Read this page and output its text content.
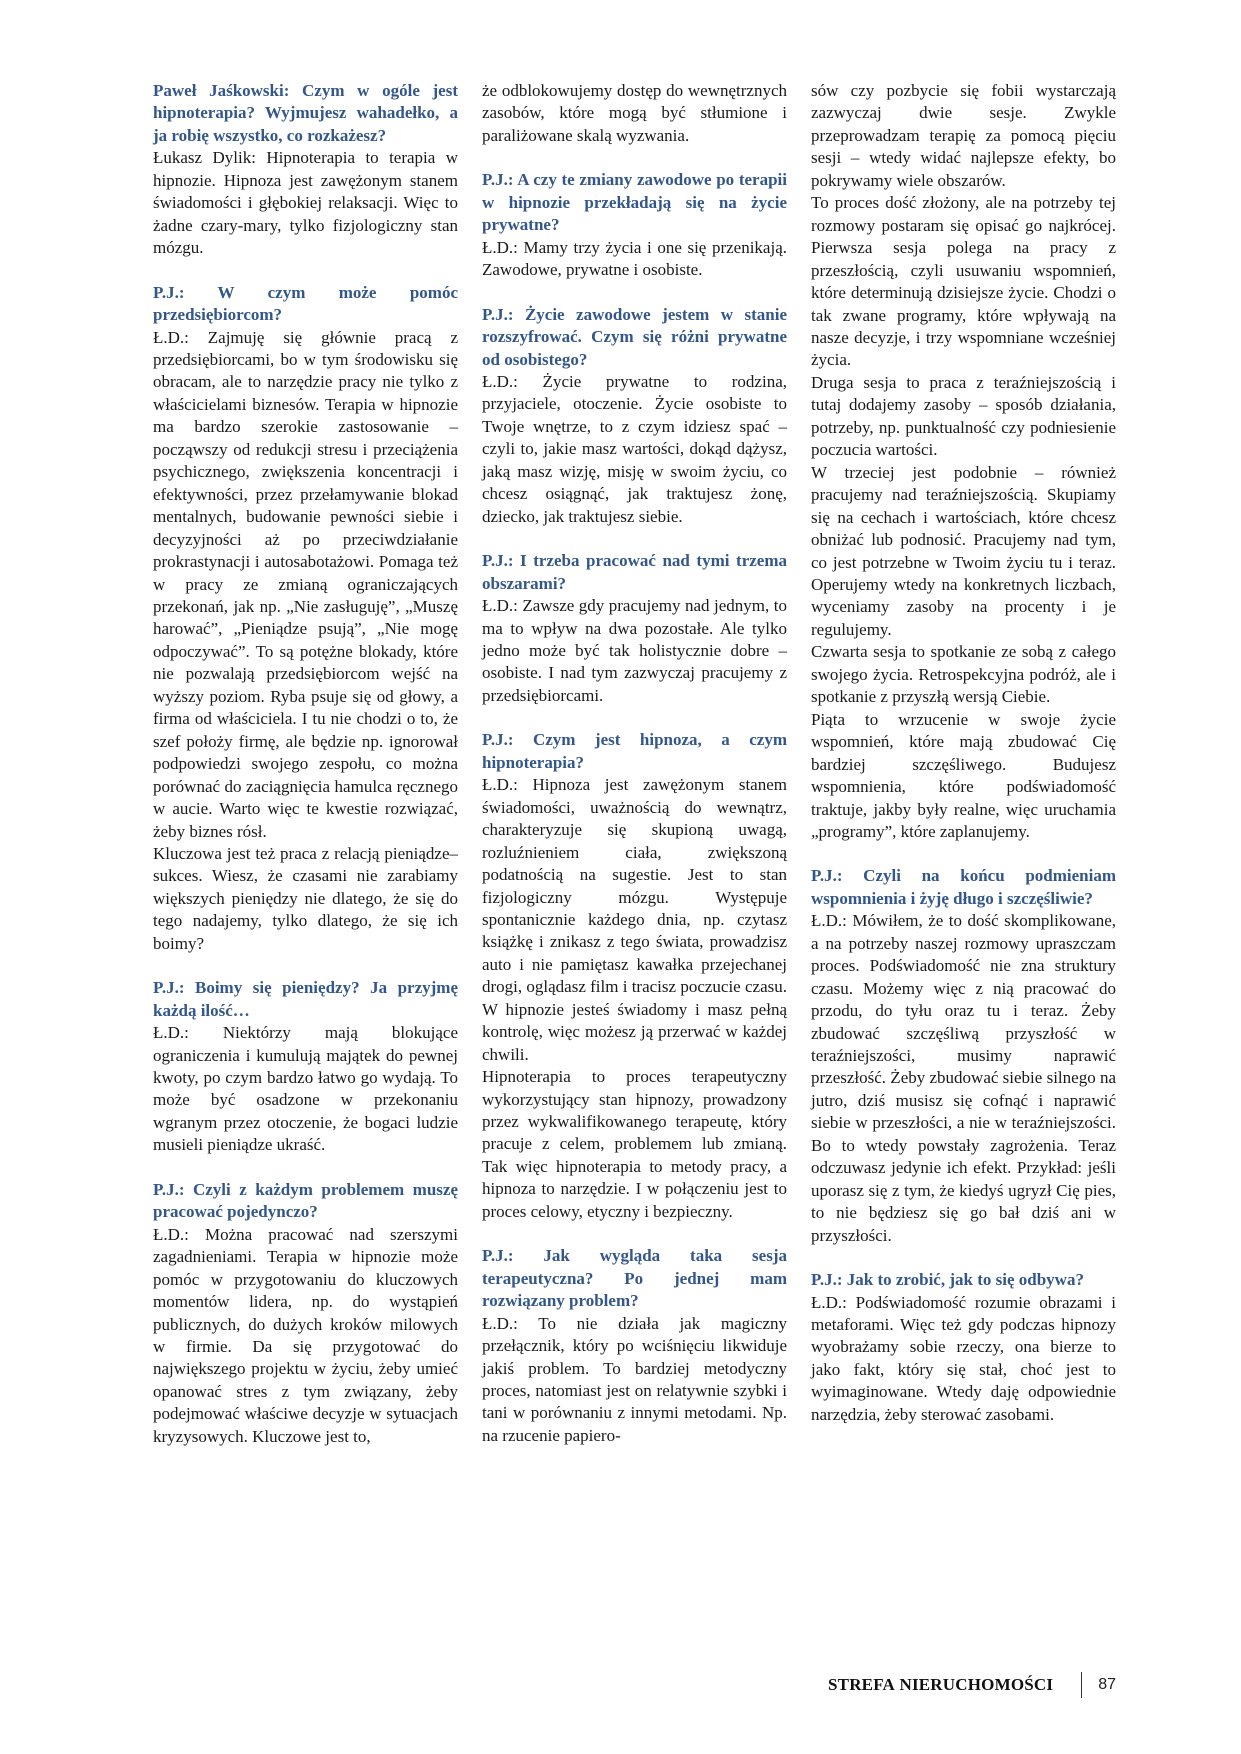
Paweł Jaśkowski: Czym w ogóle jest hipnoterapia? Wyjmujesz wahadełko, a ja robię wszystko, co rozkażesz?

Łukasz Dylik: Hipnoterapia to terapia w hipnozie. Hipnoza jest zawężonym stanem świadomości i głębokiej relaksacji. Więc to żadne czary-mary, tylko fizjologiczny stan mózgu.

P.J.: W czym może pomóc przedsiębiorcom?

Ł.D.: Zajmuję się głównie pracą z przedsiębiorcami, bo w tym środowisku się obracam, ale to narzędzie pracy nie tylko z właścicielami biznesów. Terapia w hipnozie ma bardzo szerokie zastosowanie – począwszy od redukcji stresu i przeciążenia psychicznego, zwiększenia koncentracji i efektywności, przez przełamywanie blokad mentalnych, budowanie pewności siebie i decyzyjności aż po przeciwdziałanie prokrastynacji i autosabotażowi. Pomaga też w pracy ze zmianą ograniczających przekonań, jak np. „Nie zasługuję”, „Muszę harować”, „Pieniądze psują”, „Nie mogę odpoczywać”. To są potężne blokady, które nie pozwalają przedsiębiorcom wejść na wyższy poziom. Ryba psuje się od głowy, a firma od właściciela. I tu nie chodzi o to, że szef położy firmę, ale będzie np. ignorował podpowiedzi swojego zespołu, co można porównać do zaciągnięcia hamulca ręcznego w aucie. Warto więc te kwestie rozwiązać, żeby biznes rósł.

Kluczowa jest też praca z relacją pieniądze–sukces. Wiesz, że czasami nie zarabiamy większych pieniędzy nie dlatego, że się do tego nadajemy, tylko dlatego, że się ich boimy?

P.J.: Boimy się pieniędzy? Ja przyjmę każdą ilość…

Ł.D.: Niektórzy mają blokujące ograniczenia i kumulują majątek do pewnej kwoty, po czym bardzo łatwo go wydają. To może być osadzone w przekonaniu wgranym przez otoczenie, że bogaci ludzie musieli pieniądze ukraść.

P.J.: Czyli z każdym problemem muszę pracować pojedynczo?

Ł.D.: Można pracować nad szerszymi zagadnieniami. Terapia w hipnozie może pomóc w przygotowaniu do kluczowych momentów lidera, np. do wystąpień publicznych, do dużych kroków milowych w firmie. Da się przygotować do największego projektu w życiu, żeby umieć opanować stres z tym związany, żeby podejmować właściwe decyzje w sytuacjach kryzysowych. Kluczowe jest to,

że odblokowujemy dostęp do wewnętrznych zasobów, które mogą być stłumione i paraliżowane skalą wyzwania.

P.J.: A czy te zmiany zawodowe po terapii w hipnozie przekładają się na życie prywatne?

Ł.D.: Mamy trzy życia i one się przenikają. Zawodowe, prywatne i osobiste.

P.J.: Życie zawodowe jestem w stanie rozszyfrować. Czym się różni prywatne od osobistego?

Ł.D.: Życie prywatne to rodzina, przyjaciele, otoczenie. Życie osobiste to Twoje wnętrze, to z czym idziesz spać – czyli to, jakie masz wartości, dokąd dążysz, jaką masz wizję, misję w swoim życiu, co chcesz osiągnąć, jak traktujesz żonę, dziecko, jak traktujesz siebie.

P.J.: I trzeba pracować nad tymi trzema obszarami?

Ł.D.: Zawsze gdy pracujemy nad jednym, to ma to wpływ na dwa pozostałe. Ale tylko jedno może być tak holistycznie dobre – osobiste. I nad tym zazwyczaj pracujemy z przedsiębiorcami.

P.J.: Czym jest hipnoza, a czym hipnoterapia?

Ł.D.: Hipnoza jest zawężonym stanem świadomości, uważnością do wewnątrz, charakteryzuje się skupioną uwagą, rozluźnieniem ciała, zwiększoną podatnością na sugestie. Jest to stan fizjologiczny mózgu. Występuje spontanicznie każdego dnia, np. czytasz książkę i znikasz z tego świata, prowadzisz auto i nie pamiętasz kawałka przejechanej drogi, oglądasz film i tracisz poczucie czasu. W hipnozie jesteś świadomy i masz pełną kontrolę, więc możesz ją przerwać w każdej chwili.

Hipnoterapia to proces terapeutyczny wykorzystujący stan hipnozy, prowadzony przez wykwalifikowanego terapeutę, który pracuje z celem, problemem lub zmianą. Tak więc hipnoterapia to metody pracy, a hipnoza to narzędzie. I w połączeniu jest to proces celowy, etyczny i bezpieczny.

P.J.: Jak wygląda taka sesja terapeutyczna? Po jednej mam rozwiązany problem?

Ł.D.: To nie działa jak magiczny przełącznik, który po wciśnięciu likwiduje jakiś problem. To bardziej metodyczny proces, natomiast jest on relatywnie szybki i tani w porównaniu z innymi metodami. Np. na rzucenie papiero-

sów czy pozbycie się fobii wystarczają zazwyczaj dwie sesje. Zwykle przeprowadzam terapię za pomocą pięciu sesji – wtedy widać najlepsze efekty, bo pokrywamy wiele obszarów.

To proces dość złożony, ale na potrzeby tej rozmowy postaram się opisać go najkrócej. Pierwsza sesja polega na pracy z przeszłością, czyli usuwaniu wspomnień, które determinują dzisiejsze życie. Chodzi o tak zwane programy, które wpływają na nasze decyzje, i trzy wspomniane wcześniej życia.

Druga sesja to praca z teraźniejszością i tutaj dodajemy zasoby – sposób działania, potrzeby, np. punktualność czy podniesienie poczucia wartości.

W trzeciej jest podobnie – również pracujemy nad teraźniejszością. Skupiamy się na cechach i wartościach, które chcesz obniżać lub podnosić. Pracujemy nad tym, co jest potrzebne w Twoim życiu tu i teraz. Operujemy wtedy na konkretnych liczbach, wyceniamy zasoby na procenty i je regulujemy.

Czwarta sesja to spotkanie ze sobą z całego swojego życia. Retrospekcyjna podróż, ale i spotkanie z przyszłą wersją Ciebie.

Piąta to wrzucenie w swoje życie wspomnień, które mają zbudować Cię bardziej szczęśliwego. Budujesz wspomnienia, które podświadomość traktuje, jakby były realne, więc uruchamia „programy”, które zaplanujemy.

P.J.: Czyli na końcu podmieniam wspomnienia i żyję długo i szczęśliwie?

Ł.D.: Mówiłem, że to dość skomplikowane, a na potrzeby naszej rozmowy upraszczam proces. Podświadomość nie zna struktury czasu. Możemy więc z nią pracować do przodu, do tyłu oraz tu i teraz. Żeby zbudować szczęśliwą przyszłość w teraźniejszości, musimy naprawić przeszłość. Żeby zbudować siebie silnego na jutro, dziś musisz się cofnąć i naprawić siebie w przeszłości, a nie w teraźniejszości. Bo to wtedy powstały zagrożenia. Teraz odczuwasz jedynie ich efekt. Przykład: jeśli uporasz się z tym, że kiedyś ugryzł Cię pies, to nie będziesz się go bał dziś ani w przyszłości.

P.J.: Jak to zrobić, jak to się odbywa?

Ł.D.: Podświadomość rozumie obrazami i metaforami. Więc też gdy podczas hipnozy wyobrażamy sobie rzeczy, ona bierze to jako fakt, który się stał, choć jest to wyimaginowane. Wtedy daję odpowiednie narzędzia, żeby sterować zasobami.

STREFA NIERUCHOMOŚCI	87
